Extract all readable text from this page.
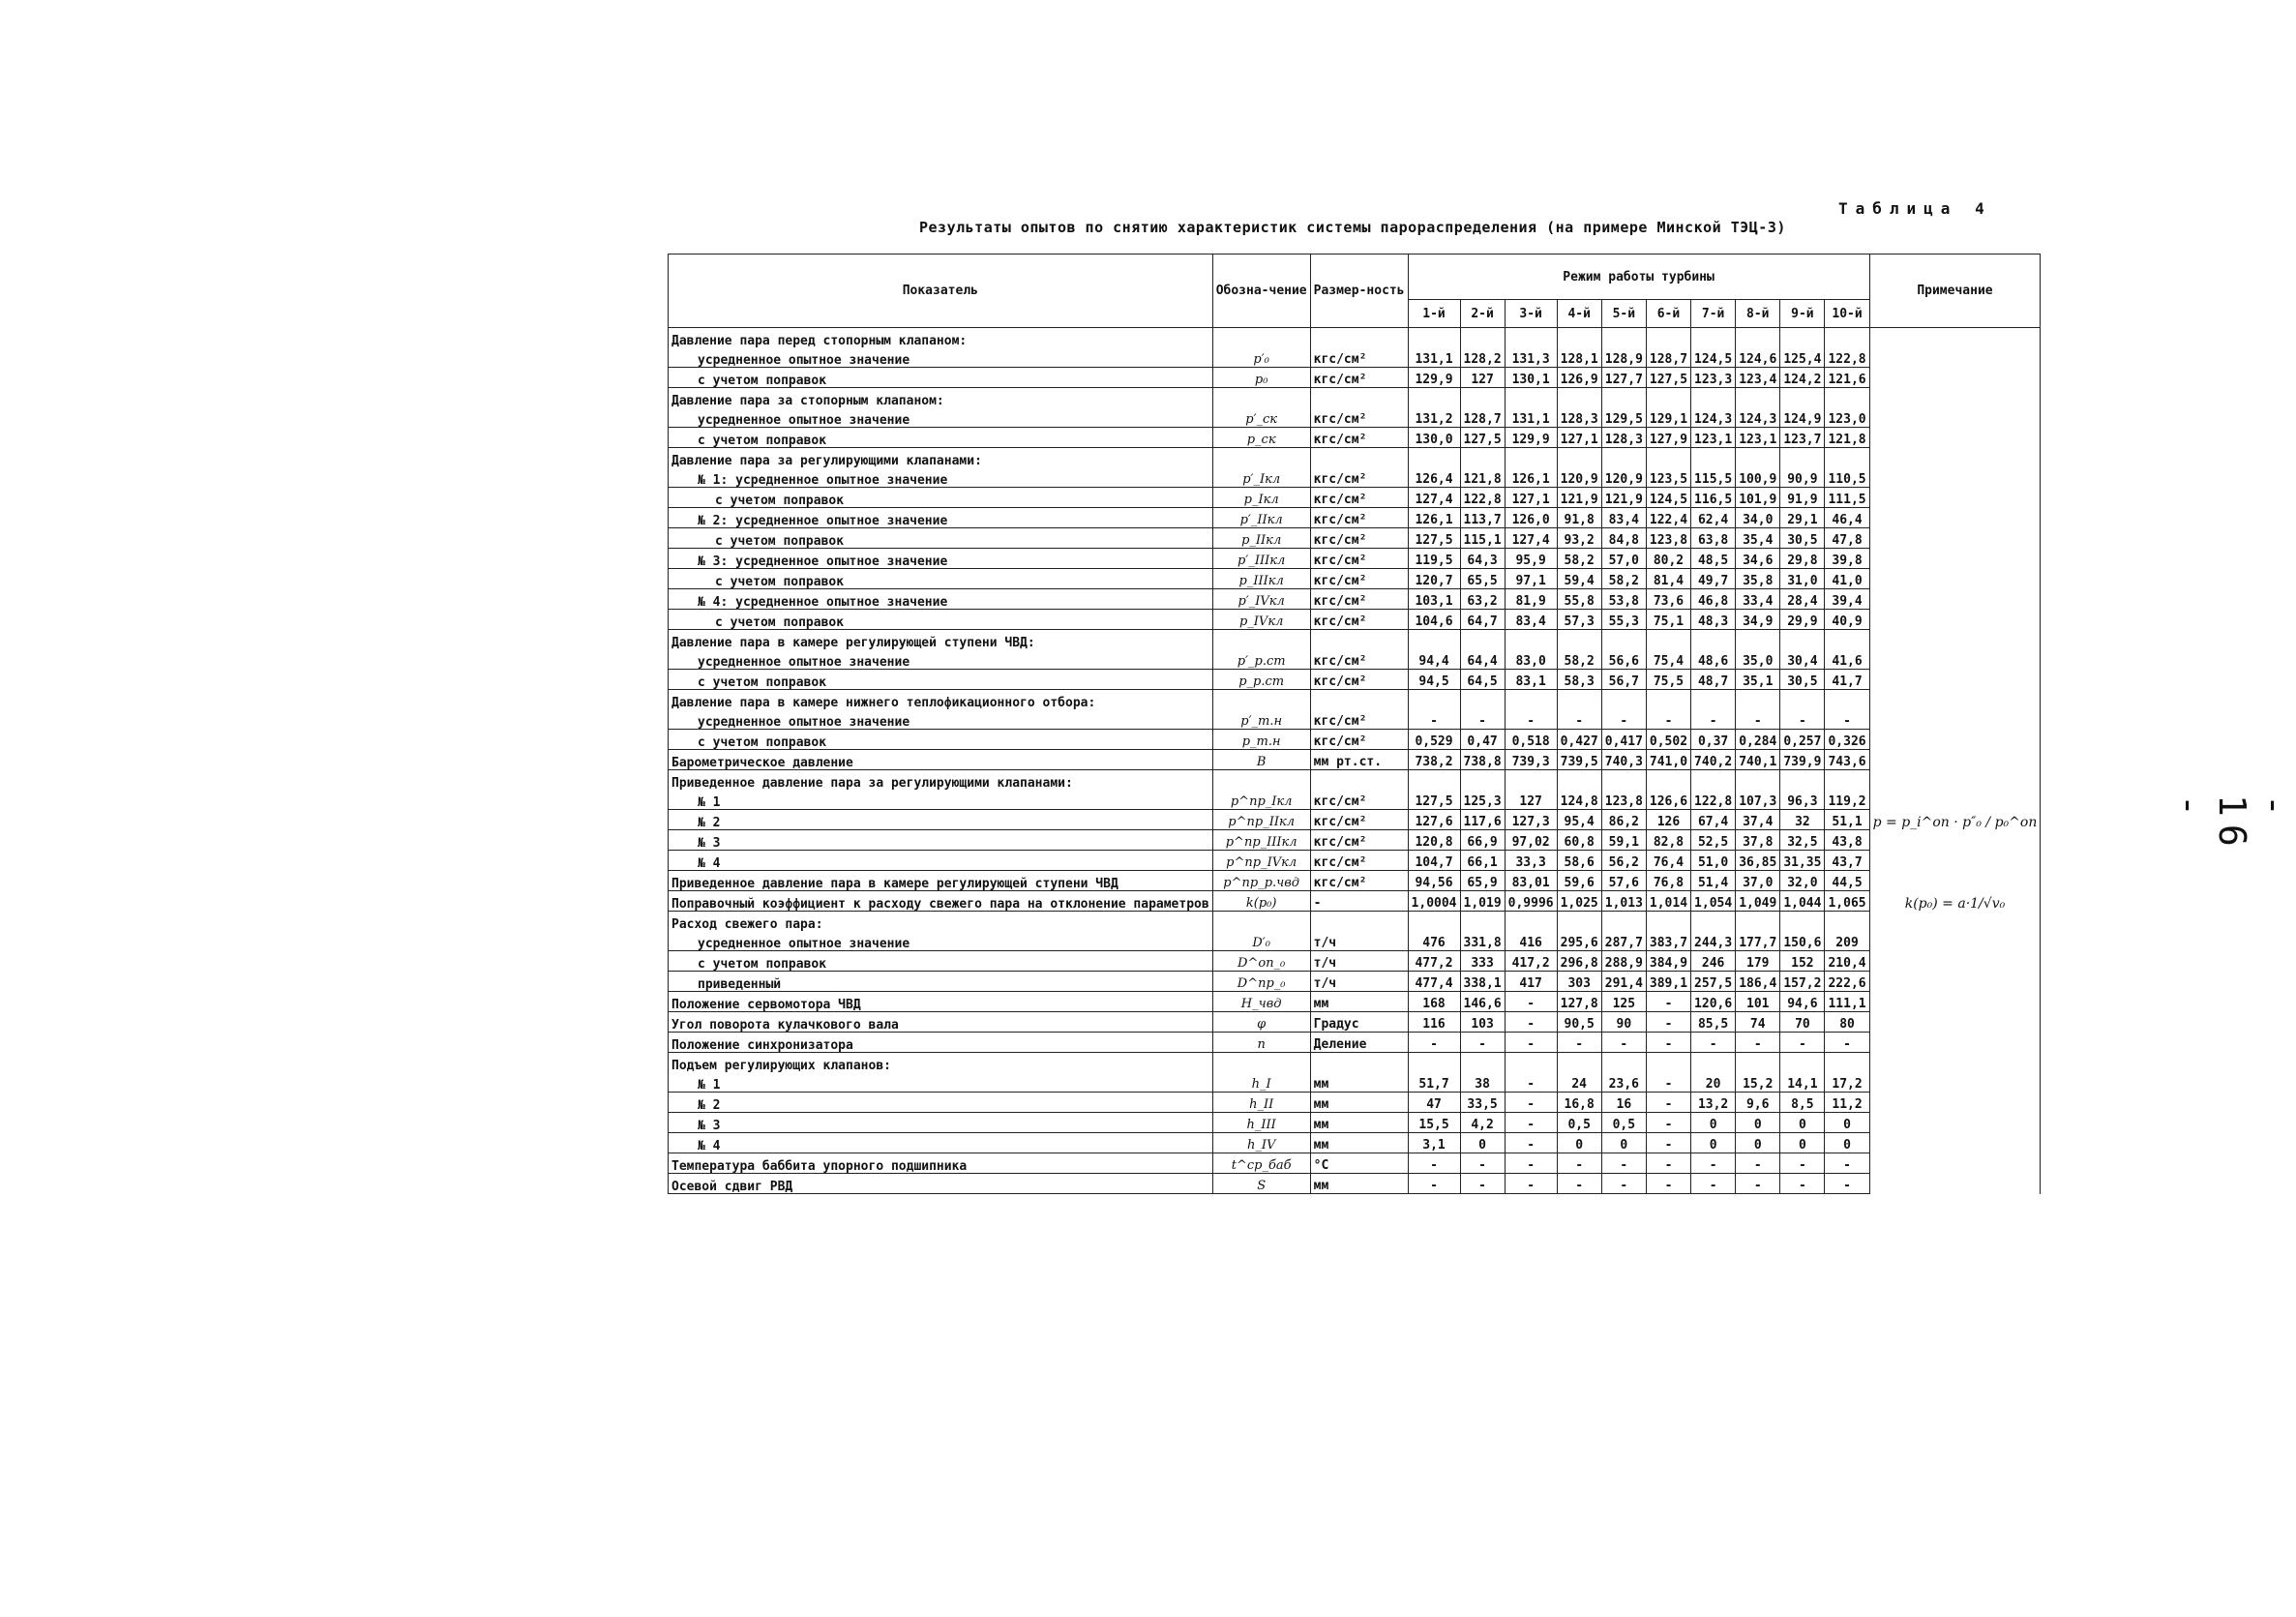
Таблица 4
Результаты опытов по снятию характеристик системы парораспределения (на примере Минской ТЭЦ-3)
- 16 -
Показатель	Обозна-чение	Размер-ность	Режим работы турбины										Примечание
			1-й	2-й	3-й	4-й	5-й	6-й	7-й	8-й	9-й	10-й	
Давление пара перед стопорным клапаном:													
усредненное опытное значение	p′₀	кгс/см²	131,1	128,2	131,3	128,1	128,9	128,7	124,5	124,6	125,4	122,8	
с учетом поправок	p₀	кгс/см²	129,9	127	130,1	126,9	127,7	127,5	123,3	123,4	124,2	121,6	
Давление пара за стопорным клапаном:													
усредненное опытное значение	p′_ск	кгс/см²	131,2	128,7	131,1	128,3	129,5	129,1	124,3	124,3	124,9	123,0	
с учетом поправок	p_ск	кгс/см²	130,0	127,5	129,9	127,1	128,3	127,9	123,1	123,1	123,7	121,8	
Давление пара за регулирующими клапанами:													
№ 1: усредненное опытное значение	p′_Iкл	кгс/см²	126,4	121,8	126,1	120,9	120,9	123,5	115,5	100,9	90,9	110,5	
с учетом поправок	p_Iкл	кгс/см²	127,4	122,8	127,1	121,9	121,9	124,5	116,5	101,9	91,9	111,5	
№ 2: усредненное опытное значение	p′_IIкл	кгс/см²	126,1	113,7	126,0	91,8	83,4	122,4	62,4	34,0	29,1	46,4	
с учетом поправок	p_IIкл	кгс/см²	127,5	115,1	127,4	93,2	84,8	123,8	63,8	35,4	30,5	47,8	
№ 3: усредненное опытное значение	p′_IIIкл	кгс/см²	119,5	64,3	95,9	58,2	57,0	80,2	48,5	34,6	29,8	39,8	
с учетом поправок	p_IIIкл	кгс/см²	120,7	65,5	97,1	59,4	58,2	81,4	49,7	35,8	31,0	41,0	
№ 4: усредненное опытное значение	p′_IVкл	кгс/см²	103,1	63,2	81,9	55,8	53,8	73,6	46,8	33,4	28,4	39,4	
с учетом поправок	p_IVкл	кгс/см²	104,6	64,7	83,4	57,3	55,3	75,1	48,3	34,9	29,9	40,9	
Давление пара в камере регулирующей ступени ЧВД:													
усредненное опытное значение	p′_р.ст	кгс/см²	94,4	64,4	83,0	58,2	56,6	75,4	48,6	35,0	30,4	41,6	
с учетом поправок	p_р.ст	кгс/см²	94,5	64,5	83,1	58,3	56,7	75,5	48,7	35,1	30,5	41,7	
Давление пара в камере нижнего теплофикационного отбора:													
усредненное опытное значение	p′_т.н	кгс/см²	-	-	-	-	-	-	-	-	-	-	
с учетом поправок	p_т.н	кгс/см²	0,529	0,47	0,518	0,427	0,417	0,502	0,37	0,284	0,257	0,326	
Барометрическое давление	B	мм рт.ст.	738,2	738,8	739,3	739,5	740,3	741,0	740,2	740,1	739,9	743,6	
Приведенное давление пара за регулирующими клапанами:													
№ 1	p^пр_Iкл	кгс/см²	127,5	125,3	127	124,8	123,8	126,6	122,8	107,3	96,3	119,2	
№ 2	p^пр_IIкл	кгс/см²	127,6	117,6	127,3	95,4	86,2	126	67,4	37,4	32	51,1	p = p_i^оп · p″₀ / p₀^оп
№ 3	p^пр_IIIкл	кгс/см²	120,8	66,9	97,02	60,8	59,1	82,8	52,5	37,8	32,5	43,8	
№ 4	p^пр_IVкл	кгс/см²	104,7	66,1	33,3	58,6	56,2	76,4	51,0	36,85	31,35	43,7	
Приведенное давление пара в камере регулирующей ступени ЧВД	p^пр_р.чвд	кгс/см²	94,56	65,9	83,01	59,6	57,6	76,8	51,4	37,0	32,0	44,5	
Поправочный коэффициент к расходу свежего пара на отклонение параметров	k(p₀)	-	1,0004	1,019	0,9996	1,025	1,013	1,014	1,054	1,049	1,044	1,065	k(p₀) = a·1/√v₀
Расход свежего пара:													
усредненное опытное значение	D′₀	т/ч	476	331,8	416	295,6	287,7	383,7	244,3	177,7	150,6	209	
с учетом поправок	D^оп_₀	т/ч	477,2	333	417,2	296,8	288,9	384,9	246	179	152	210,4	
приведенный	D^пр_₀	т/ч	477,4	338,1	417	303	291,4	389,1	257,5	186,4	157,2	222,6	
Положение сервомотора ЧВД	H_чвд	мм	168	146,6	-	127,8	125	-	120,6	101	94,6	111,1	
Угол поворота кулачкового вала	φ	Градус	116	103	-	90,5	90	-	85,5	74	70	80	
Положение синхронизатора	n	Деление	-	-	-	-	-	-	-	-	-	-	
Подъем регулирующих клапанов:													
№ 1	h_I	мм	51,7	38	-	24	23,6	-	20	15,2	14,1	17,2	
№ 2	h_II	мм	47	33,5	-	16,8	16	-	13,2	9,6	8,5	11,2	
№ 3	h_III	мм	15,5	4,2	-	0,5	0,5	-	0	0	0	0	
№ 4	h_IV	мм	3,1	0	-	0	0	-	0	0	0	0	
Температура баббита упорного подшипника	t^ср_баб	°C	-	-	-	-	-	-	-	-	-	-	
Осевой сдвиг РВД	S	мм	-	-	-	-	-	-	-	-	-	-	
